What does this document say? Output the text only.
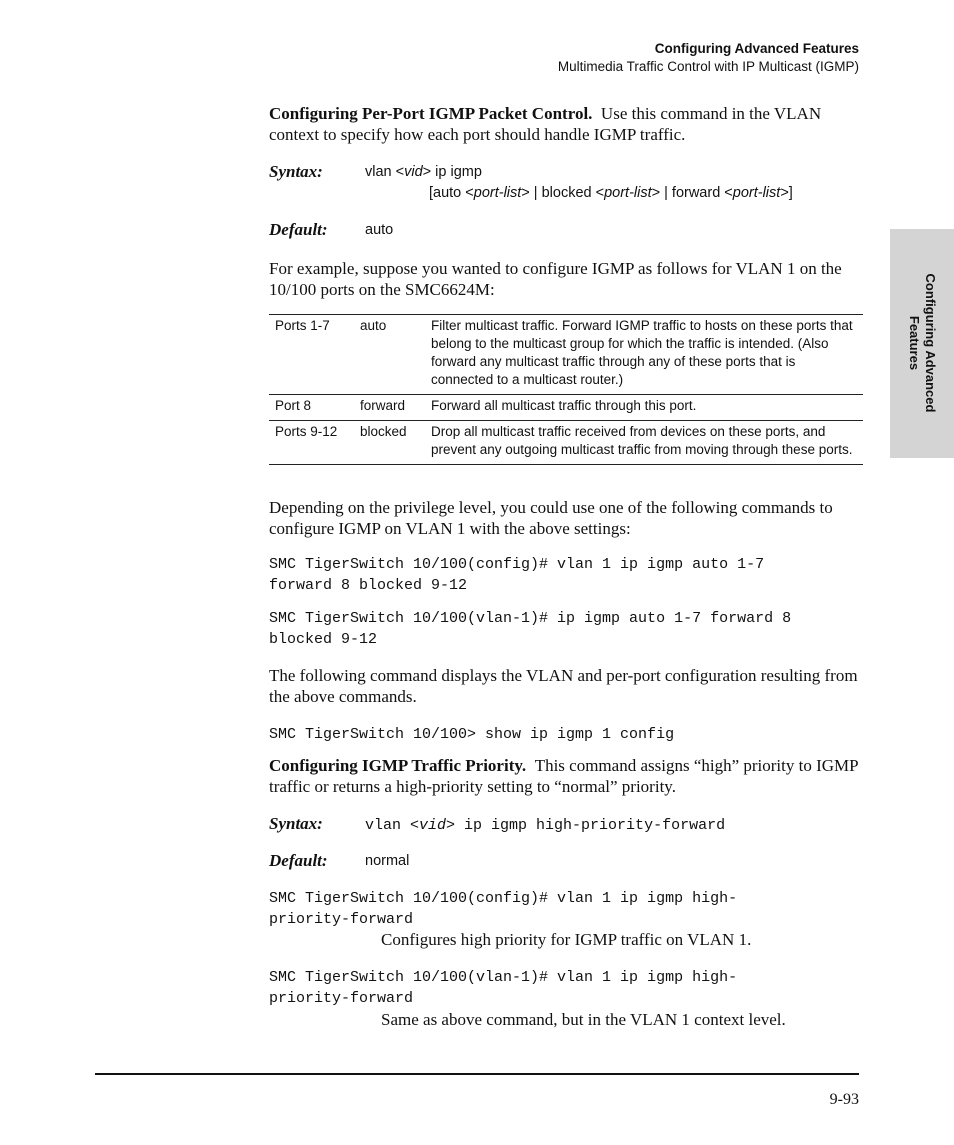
Configuring Advanced Features
Multimedia Traffic Control with IP Multicast (IGMP)
Configuring Advanced
Features
Configuring Per-Port IGMP Packet Control. Use this command in the VLAN context to specify how each port should handle IGMP traffic.
Syntax:	vlan <vid> ip igmp
[auto <port-list> | blocked <port-list> | forward <port-list>]
Default:	auto
For example, suppose you wanted to configure IGMP as follows for VLAN 1 on the 10/100 ports on the SMC6624M:
Ports 1-7 auto	Filter multicast traffic. Forward IGMP traffic to hosts on these ports that belong to the multicast group for which the traffic is intended. (Also forward any multicast traffic through any of these ports that is connected to a multicast router.)
Port 8	forward Forward all multicast traffic through this port.
Ports 9-12 blocked Drop all multicast traffic received from devices on these ports, and prevent any outgoing multicast traffic from moving through these ports.
Depending on the privilege level, you could use one of the following commands to configure IGMP on VLAN 1 with the above settings:
SMC TigerSwitch 10/100(config)# vlan 1 ip igmp auto 1-7
forward 8 blocked 9-12
SMC TigerSwitch 10/100(vlan-1)# ip igmp auto 1-7 forward 8
blocked 9-12
The following command displays the VLAN and per-port configuration resulting from the above commands.
SMC TigerSwitch 10/100> show ip igmp 1 config
Configuring IGMP Traffic Priority. This command assigns “high” priority to IGMP traffic or returns a high-priority setting to “normal” priority.
Syntax:	vlan <vid> ip igmp high-priority-forward
Default:	normal
SMC TigerSwitch 10/100(config)# vlan 1 ip igmp high-
priority-forward
Configures high priority for IGMP traffic on VLAN 1.
SMC TigerSwitch 10/100(vlan-1)# vlan 1 ip igmp high-
priority-forward
Same as above command, but in the VLAN 1 context level.
9-93
